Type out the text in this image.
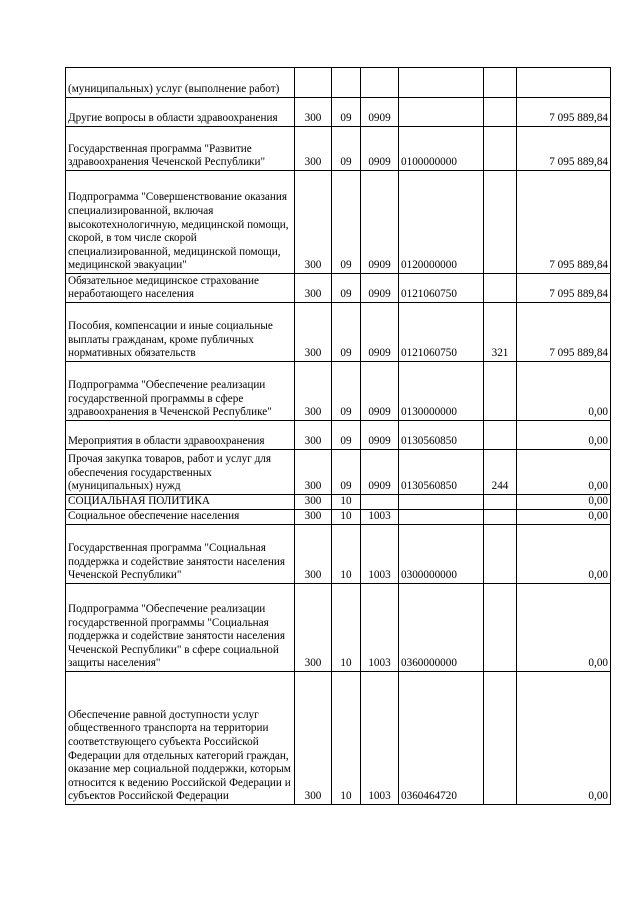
(муниципальных) услуг (выполнение работ)						
Другие вопросы в области здравоохранения	300	09	0909			7 095 889,84
Государственная программа "Развитие здравоохранения Чеченской Республики"	300	09	0909	0100000000		7 095 889,84
Подпрограмма "Совершенствование оказания специализированной, включая высокотехнологичную, медицинской помощи, скорой, в том числе скорой специализированной, медицинской помощи, медицинской эвакуации"	300	09	0909	0120000000		7 095 889,84
Обязательное медицинское страхование неработающего населения	300	09	0909	0121060750		7 095 889,84
Пособия, компенсации и иные социальные выплаты гражданам, кроме публичных нормативных обязательств	300	09	0909	0121060750	321	7 095 889,84
Подпрограмма "Обеспечение реализации государственной программы в сфере здравоохранения в Чеченской Республике"	300	09	0909	0130000000		0,00
Мероприятия в области здравоохранения	300	09	0909	0130560850		0,00
Прочая закупка товаров, работ и услуг для обеспечения государственных (муниципальных) нужд	300	09	0909	0130560850	244	0,00
СОЦИАЛЬНАЯ ПОЛИТИКА	300	10				0,00
Социальное обеспечение населения	300	10	1003			0,00
Государственная программа "Социальная поддержка и содействие занятости населения Чеченской Республики"	300	10	1003	0300000000		0,00
Подпрограмма "Обеспечение реализации государственной программы "Социальная поддержка и содействие занятости населения Чеченской Республики" в сфере социальной защиты населения"	300	10	1003	0360000000		0,00
Обеспечение равной доступности услуг общественного транспорта на территории соответствующего субъекта Российской Федерации для отдельных категорий граждан, оказание мер социальной поддержки, которым относится к ведению Российской Федерации и субъектов Российской Федерации	300	10	1003	0360464720		0,00
